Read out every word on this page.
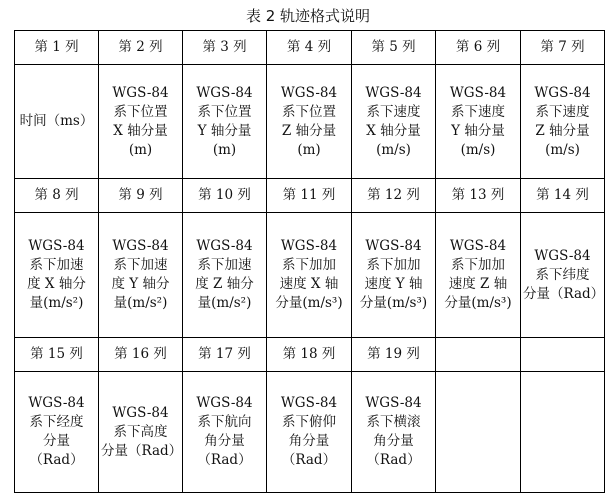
表 2 轨迹格式说明
第 1 列	第 2 列	第 3 列	第 4 列	第 5 列	第 6 列	第 7 列
时间（ms）	WGS-84
系下位置
X 轴分量
(m)	WGS-84
系下位置
Y 轴分量
(m)	WGS-84
系下位置
Z 轴分量
(m)	WGS-84
系下速度
X 轴分量
(m/s)	WGS-84
系下速度
Y 轴分量
(m/s)	WGS-84
系下速度
Z 轴分量
(m/s)
第 8 列	第 9 列	第 10 列	第 11 列	第 12 列	第 13 列	第 14 列
WGS-84
系下加速
度 X 轴分
量(m/s²)	WGS-84
系下加速
度 Y 轴分
量(m/s²)	WGS-84
系下加速
度 Z 轴分
量(m/s²)	WGS-84
系下加加
速度 X 轴
分量(m/s³)	WGS-84
系下加加
速度 Y 轴
分量(m/s³)	WGS-84
系下加加
速度 Z 轴
分量(m/s³)	WGS-84
系下纬度
分量（Rad）
第 15 列	第 16 列	第 17 列	第 18 列	第 19 列		
WGS-84
系下经度
分量
（Rad）	WGS-84
系下高度
分量（Rad）	WGS-84
系下航向
角分量
（Rad）	WGS-84
系下俯仰
角分量
（Rad）	WGS-84
系下横滚
角分量
（Rad）		
